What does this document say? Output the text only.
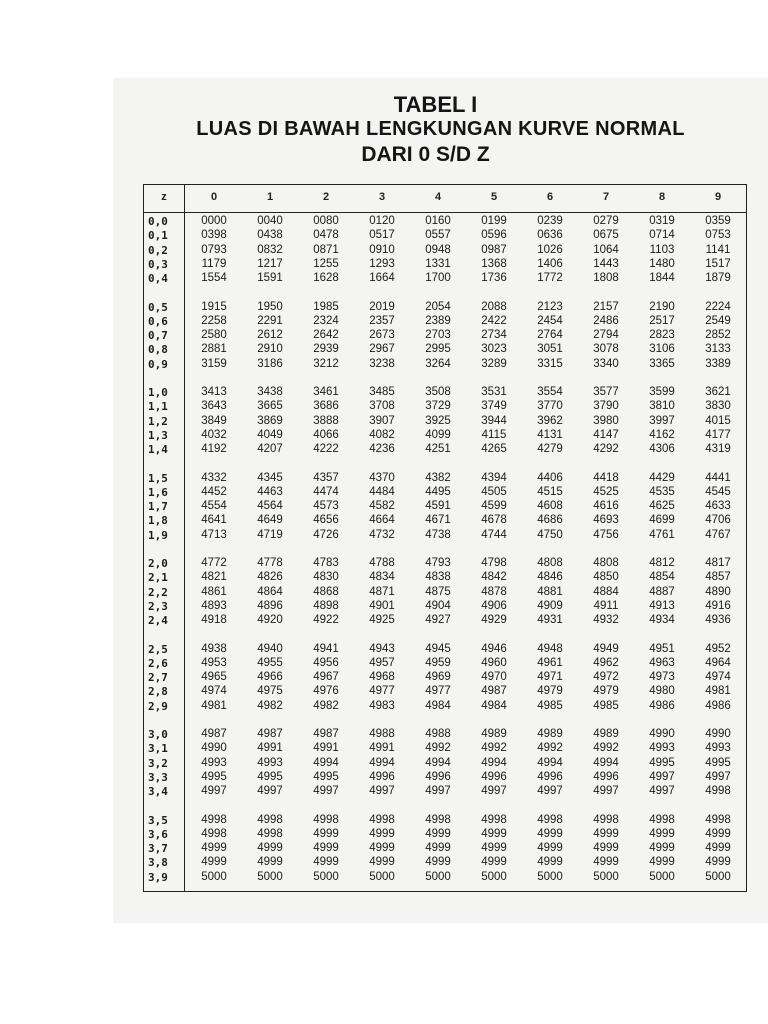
TABEL I
LUAS DI BAWAH LENGKUNGAN KURVE NORMAL
DARI 0 S/D Z
z	0	1	2	3	4	5	6	7	8	9
0,0	0000	0040	0080	0120	0160	0199	0239	0279	0319	0359
0,1	0398	0438	0478	0517	0557	0596	0636	0675	0714	0753
0,2	0793	0832	0871	0910	0948	0987	1026	1064	1103	1141
0,3	1179	1217	1255	1293	1331	1368	1406	1443	1480	1517
0,4	1554	1591	1628	1664	1700	1736	1772	1808	1844	1879
0,5	1915	1950	1985	2019	2054	2088	2123	2157	2190	2224
0,6	2258	2291	2324	2357	2389	2422	2454	2486	2517	2549
0,7	2580	2612	2642	2673	2703	2734	2764	2794	2823	2852
0,8	2881	2910	2939	2967	2995	3023	3051	3078	3106	3133
0,9	3159	3186	3212	3238	3264	3289	3315	3340	3365	3389
1,0	3413	3438	3461	3485	3508	3531	3554	3577	3599	3621
1,1	3643	3665	3686	3708	3729	3749	3770	3790	3810	3830
1,2	3849	3869	3888	3907	3925	3944	3962	3980	3997	4015
1,3	4032	4049	4066	4082	4099	4115	4131	4147	4162	4177
1,4	4192	4207	4222	4236	4251	4265	4279	4292	4306	4319
1,5	4332	4345	4357	4370	4382	4394	4406	4418	4429	4441
1,6	4452	4463	4474	4484	4495	4505	4515	4525	4535	4545
1,7	4554	4564	4573	4582	4591	4599	4608	4616	4625	4633
1,8	4641	4649	4656	4664	4671	4678	4686	4693	4699	4706
1,9	4713	4719	4726	4732	4738	4744	4750	4756	4761	4767
2,0	4772	4778	4783	4788	4793	4798	4808	4808	4812	4817
2,1	4821	4826	4830	4834	4838	4842	4846	4850	4854	4857
2,2	4861	4864	4868	4871	4875	4878	4881	4884	4887	4890
2,3	4893	4896	4898	4901	4904	4906	4909	4911	4913	4916
2,4	4918	4920	4922	4925	4927	4929	4931	4932	4934	4936
2,5	4938	4940	4941	4943	4945	4946	4948	4949	4951	4952
2,6	4953	4955	4956	4957	4959	4960	4961	4962	4963	4964
2,7	4965	4966	4967	4968	4969	4970	4971	4972	4973	4974
2,8	4974	4975	4976	4977	4977	4987	4979	4979	4980	4981
2,9	4981	4982	4982	4983	4984	4984	4985	4985	4986	4986
3,0	4987	4987	4987	4988	4988	4989	4989	4989	4990	4990
3,1	4990	4991	4991	4991	4992	4992	4992	4992	4993	4993
3,2	4993	4993	4994	4994	4994	4994	4994	4994	4995	4995
3,3	4995	4995	4995	4996	4996	4996	4996	4996	4997	4997
3,4	4997	4997	4997	4997	4997	4997	4997	4997	4997	4998
3,5	4998	4998	4998	4998	4998	4998	4998	4998	4998	4998
3,6	4998	4998	4999	4999	4999	4999	4999	4999	4999	4999
3,7	4999	4999	4999	4999	4999	4999	4999	4999	4999	4999
3,8	4999	4999	4999	4999	4999	4999	4999	4999	4999	4999
3,9	5000	5000	5000	5000	5000	5000	5000	5000	5000	5000
